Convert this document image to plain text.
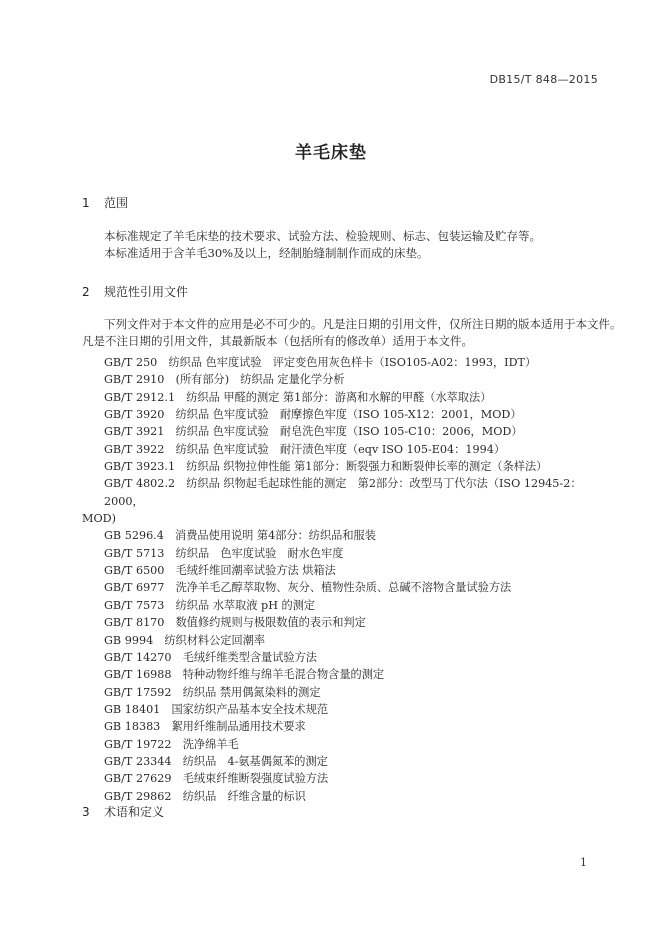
DB15/T 848—2015
羊毛床垫
1 范围
本标准规定了羊毛床垫的技术要求、试验方法、检验规则、标志、包装运输及贮存等。
本标准适用于含羊毛30%及以上，经制胎缝制制作而成的床垫。
2 规范性引用文件
下列文件对于本文件的应用是必不可少的。凡是注日期的引用文件，仅所注日期的版本适用于本文件。
凡是不注日期的引用文件，其最新版本（包括所有的修改单）适用于本文件。
GB/T 250　纺织品 色牢度试验　评定变色用灰色样卡（ISO105-A02：1993，IDT）
GB/T 2910　(所有部分)　纺织品 定量化学分析
GB/T 2912.1　纺织品 甲醛的测定 第1部分：游离和水解的甲醛（水萃取法）
GB/T 3920　纺织品 色牢度试验　耐摩擦色牢度（ISO 105-X12：2001，MOD）
GB/T 3921　纺织品 色牢度试验　耐皂洗色牢度（ISO 105-C10：2006，MOD）
GB/T 3922　纺织品 色牢度试验　耐汗渍色牢度（eqv ISO 105-E04：1994）
GB/T 3923.1　纺织品 织物拉伸性能 第1部分：断裂强力和断裂伸长率的测定（条样法）
GB/T 4802.2　纺织品 织物起毛起球性能的测定　第2部分：改型马丁代尔法（ISO 12945-2：2000，
MOD)
GB 5296.4　消费品使用说明 第4部分：纺织品和服装
GB/T 5713　纺织品　色牢度试验　耐水色牢度
GB/T 6500　毛绒纤维回潮率试验方法 烘箱法
GB/T 6977　洗净羊毛乙醇萃取物、灰分、植物性杂质、总碱不溶物含量试验方法
GB/T 7573　纺织品 水萃取液 pH 的测定
GB/T 8170　数值修约规则与极限数值的表示和判定
GB 9994　纺织材料公定回潮率
GB/T 14270　毛绒纤维类型含量试验方法
GB/T 16988　特种动物纤维与绵羊毛混合物含量的测定
GB/T 17592　纺织品 禁用偶氮染料的测定
GB 18401　国家纺织产品基本安全技术规范
GB 18383　絮用纤维制品通用技术要求
GB/T 19722　洗净绵羊毛
GB/T 23344　纺织品　4-氨基偶氮苯的测定
GB/T 27629　毛绒束纤维断裂强度试验方法
GB/T 29862　纺织品　纤维含量的标识
3 术语和定义
1
